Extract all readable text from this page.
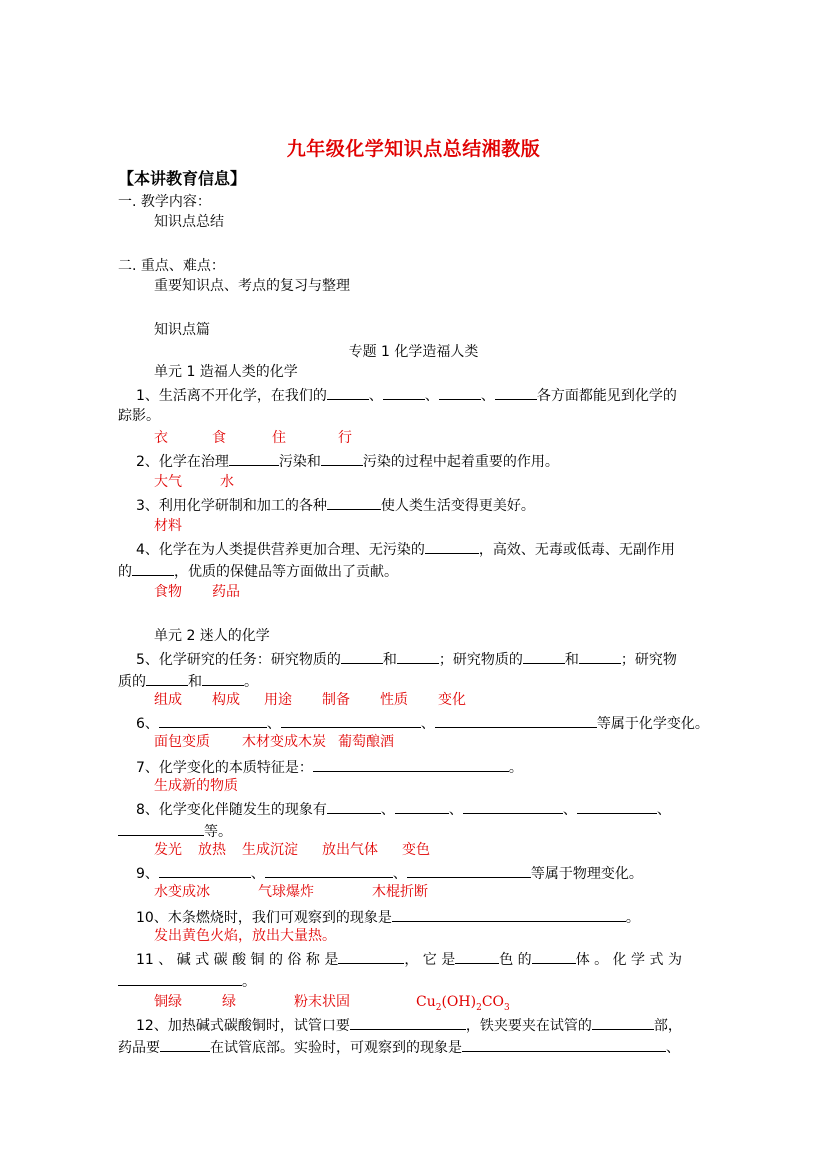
九年级化学知识点总结湘教版
【本讲教育信息】
一. 教学内容：
知识点总结
二. 重点、难点：
重要知识点、考点的复习与整理
知识点篇
专题 1 化学造福人类
单元 1 造福人类的化学
1、生活离不开化学，在我们的	、	、	、	各方面都能见到化学的
踪影。
衣	食	住	行
2、化学在治理	污染和	污染的过程中起着重要的作用。
大气	水
3、利用化学研制和加工的各种	使人类生活变得更美好。
材料
4、化学在为人类提供营养更加合理、无污染的	，高效、无毒或低毒、无副作用
的	，优质的保健品等方面做出了贡献。
食物 药品
单元 2 迷人的化学
5、化学研究的任务：研究物质的	和	；研究物质的	和	；研究物
质的	和	。
组成 构成 用途 制备 性质 变化
6、	、	、	等属于化学变化。
面包变质 木材变成木炭 葡萄酿酒
7、化学变化的本质特征是：	。
生成新的物质
8、化学变化伴随发生的现象有	、	、	、	、
等。
发光 放热 生成沉淀 放出气体 变色
9、	、	、	等属于物理变化。
水变成冰	气球爆炸	木棍折断
10、木条燃烧时，我们可观察到的现象是	。
发出黄色火焰，放出大量热。
11 、 碱 式 碳 酸 铜 的 俗 称 是	， 它 是	色 的	体 。 化 学 式 为
。
铜绿	绿	粉末状固	$Cu_2(OH)_2CO_3$
12、加热碱式碳酸铜时，试管口要	，铁夹要夹在试管的	部，
药品要	在试管底部。实验时，可观察到的现象是	、
